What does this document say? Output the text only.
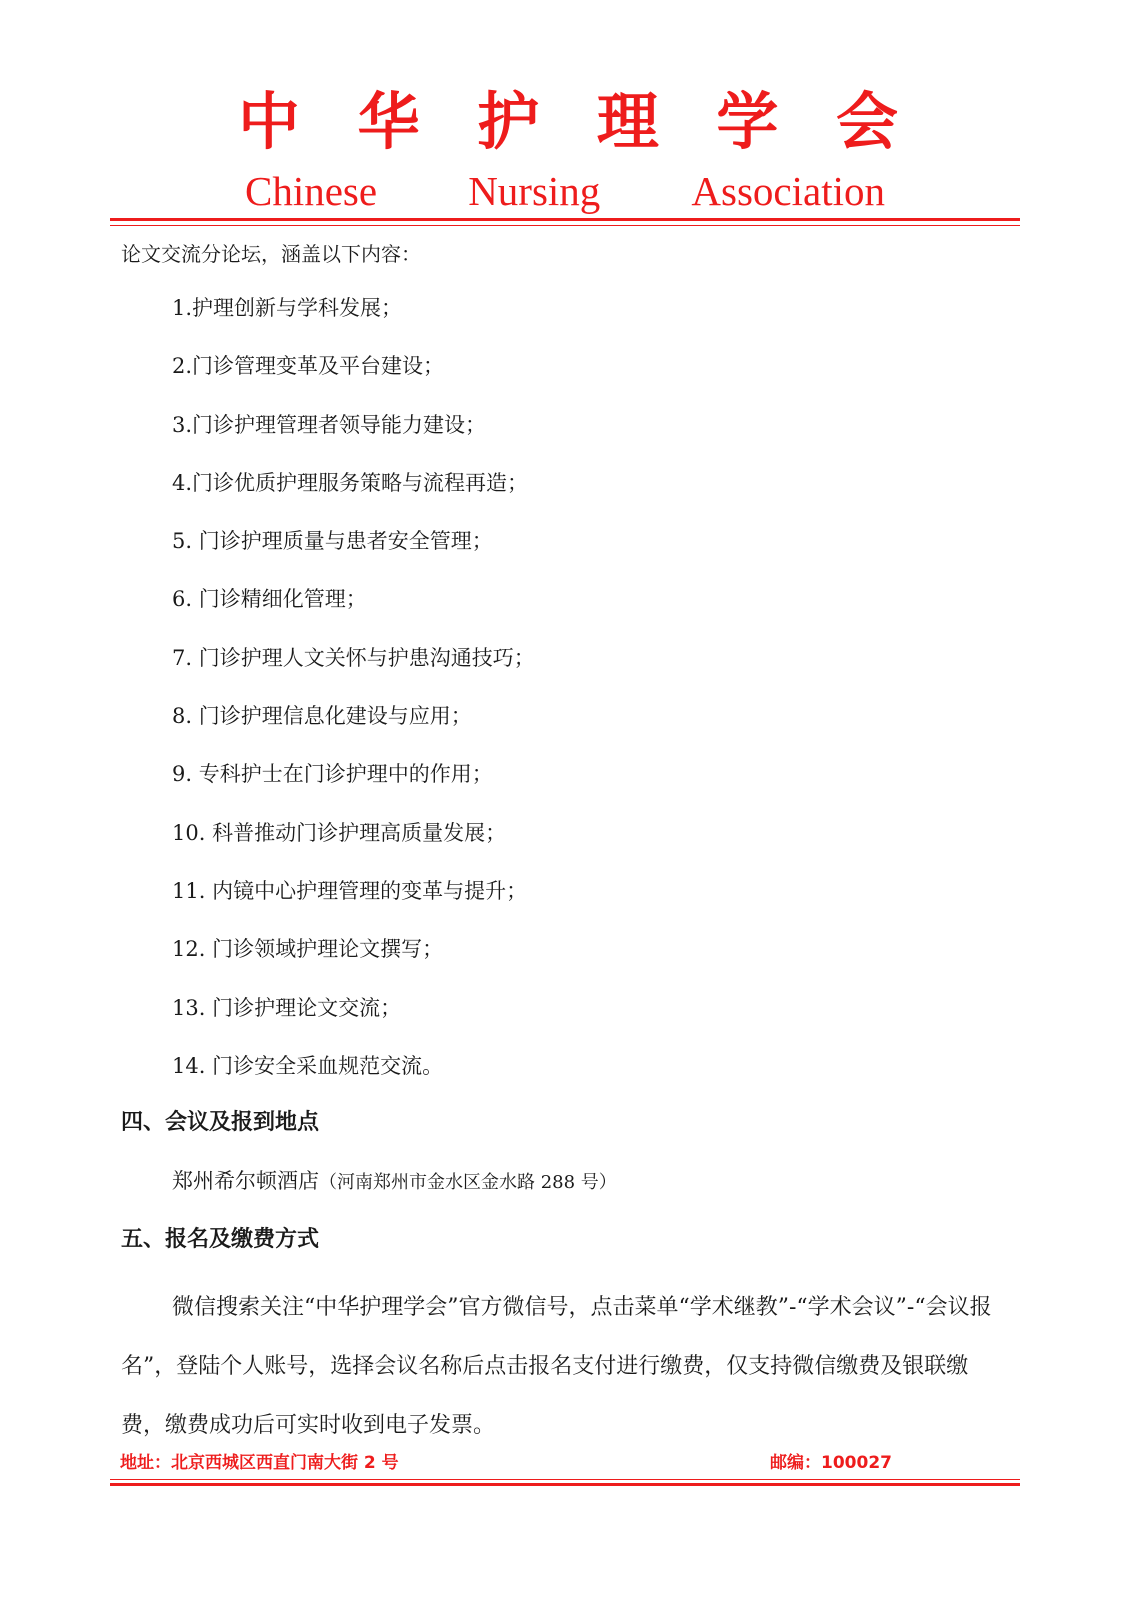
中 华 护 理 学 会
Chinese Nursing Association
论文交流分论坛，涵盖以下内容：
1.护理创新与学科发展；
2.门诊管理变革及平台建设；
3.门诊护理管理者领导能力建设；
4.门诊优质护理服务策略与流程再造；
5. 门诊护理质量与患者安全管理；
6. 门诊精细化管理；
7. 门诊护理人文关怀与护患沟通技巧；
8. 门诊护理信息化建设与应用；
9. 专科护士在门诊护理中的作用；
10. 科普推动门诊护理高质量发展；
11. 内镜中心护理管理的变革与提升；
12. 门诊领域护理论文撰写；
13. 门诊护理论文交流；
14. 门诊安全采血规范交流。
四、会议及报到地点
郑州希尔顿酒店（河南郑州市金水区金水路 288 号）
五、报名及缴费方式
微信搜索关注“中华护理学会”官方微信号，点击菜单“学术继教”-“学术会议”-“会议报名”，登陆个人账号，选择会议名称后点击报名支付进行缴费，仅支持微信缴费及银联缴费，缴费成功后可实时收到电子发票。
地址：北京西城区西直门南大街 2 号	邮编：100027
